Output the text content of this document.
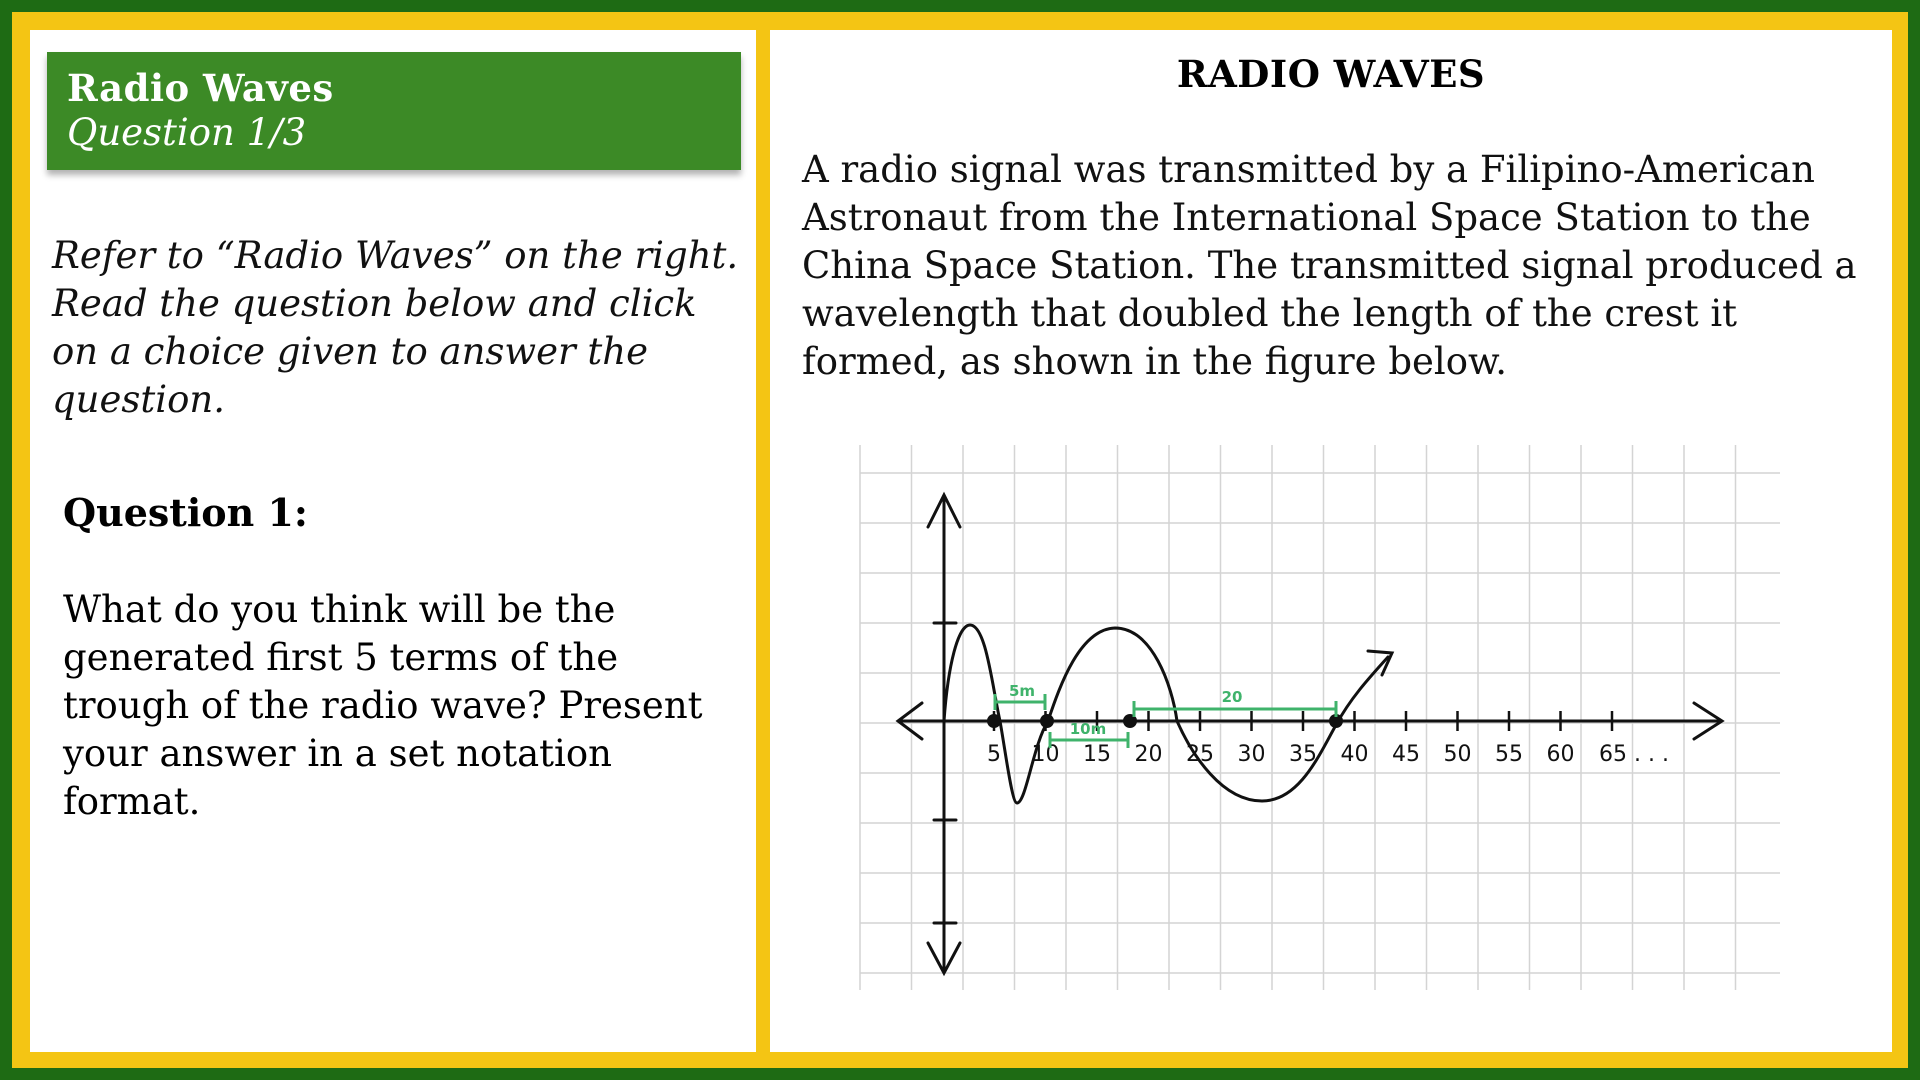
Radio Waves
Question 1/3
Refer to “Radio Waves” on the right. Read the question below and click on a choice given to answer the question.
Question 1:
What do you think will be the generated first 5 terms of the trough of the radio wave? Present your answer in a set notation format.
RADIO WAVES
A radio signal was transmitted by a Filipino-American Astronaut from the International Space Station to the China Space Station. The transmitted signal produced a wavelength that doubled the length of the crest it formed, as shown in the figure below.
5 10 15 20 25 30 35 40 45 50 55 60 65 . . .
5m
10m
20
